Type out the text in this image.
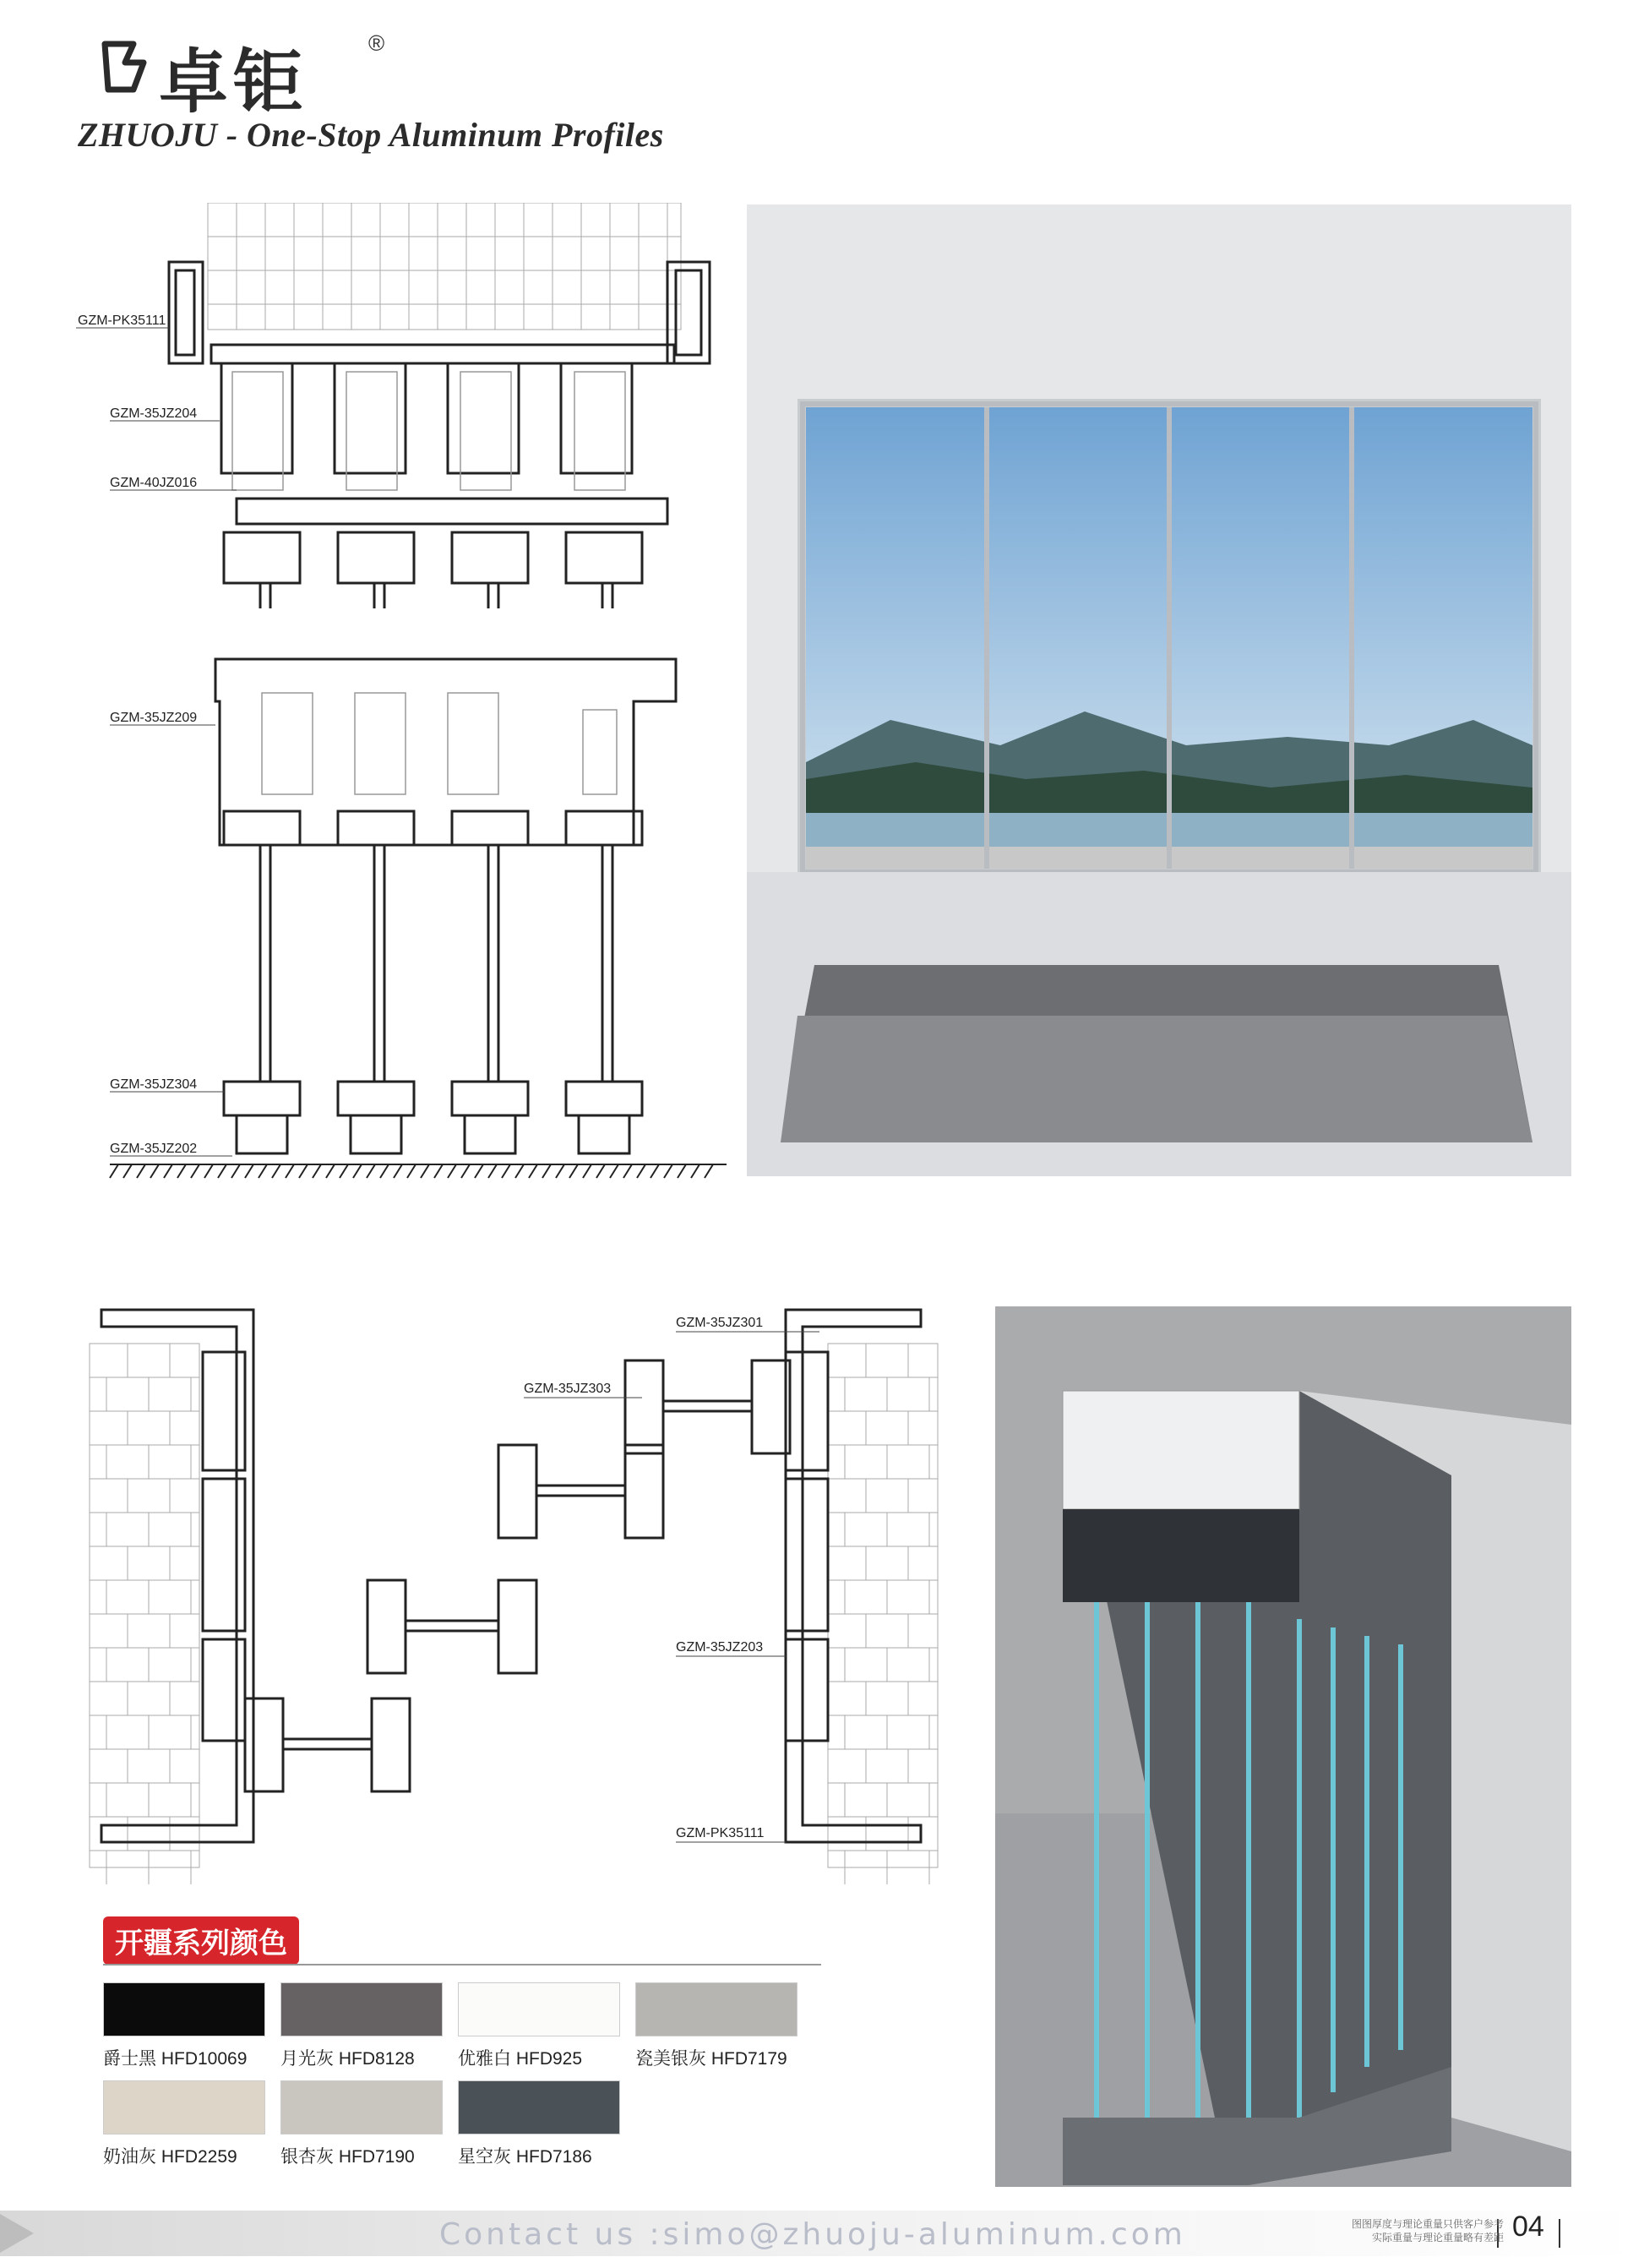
卓钜	®
ZHUOJU - One-Stop Aluminum Profiles
GZM-PK35111
GZM-35JZ204
GZM-40JZ016
GZM-35JZ209
GZM-35JZ304
GZM-35JZ202
GZM-35JZ301
GZM-35JZ303
GZM-35JZ203
GZM-PK35111
开疆系列颜色
爵士黑 HFD10069 月光灰 HFD8128 优雅白 HFD925	瓷美银灰 HFD7179
奶油灰 HFD2259 银杏灰 HFD7190 星空灰 HFD7186
Contact us :simo@zhuoju-aluminum.com	图图厚度与理论重量只供客户参考
实际重量与理论重量略有差距 04
